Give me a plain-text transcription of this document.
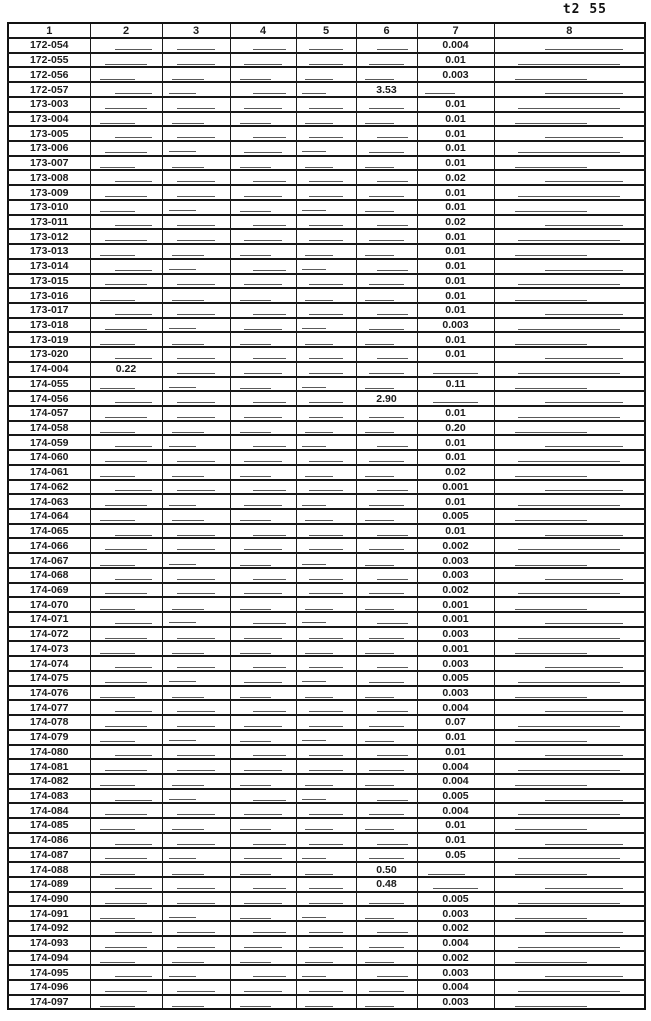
t2 55
1	2	3	4	5	6	7	8
172-054						0.004	
172-055						0.01	
172-056						0.003	
172-057					3.53		
173-003						0.01	
173-004						0.01	
173-005						0.01	
173-006						0.01	
173-007						0.01	
173-008						0.02	
173-009						0.01	
173-010						0.01	
173-011						0.02	
173-012						0.01	
173-013						0.01	
173-014						0.01	
173-015						0.01	
173-016						0.01	
173-017						0.01	
173-018						0.003	
173-019						0.01	
173-020						0.01	
174-004	0.22						
174-055						0.11	
174-056					2.90		
174-057						0.01	
174-058						0.20	
174-059						0.01	
174-060						0.01	
174-061						0.02	
174-062						0.001	
174-063						0.01	
174-064						0.005	
174-065						0.01	
174-066						0.002	
174-067						0.003	
174-068						0.003	
174-069						0.002	
174-070						0.001	
174-071						0.001	
174-072						0.003	
174-073						0.001	
174-074						0.003	
174-075						0.005	
174-076						0.003	
174-077						0.004	
174-078						0.07	
174-079						0.01	
174-080						0.01	
174-081						0.004	
174-082						0.004	
174-083						0.005	
174-084						0.004	
174-085						0.01	
174-086						0.01	
174-087						0.05	
174-088					0.50		
174-089					0.48		
174-090						0.005	
174-091						0.003	
174-092						0.002	
174-093						0.004	
174-094						0.002	
174-095						0.003	
174-096						0.004	
174-097						0.003	
